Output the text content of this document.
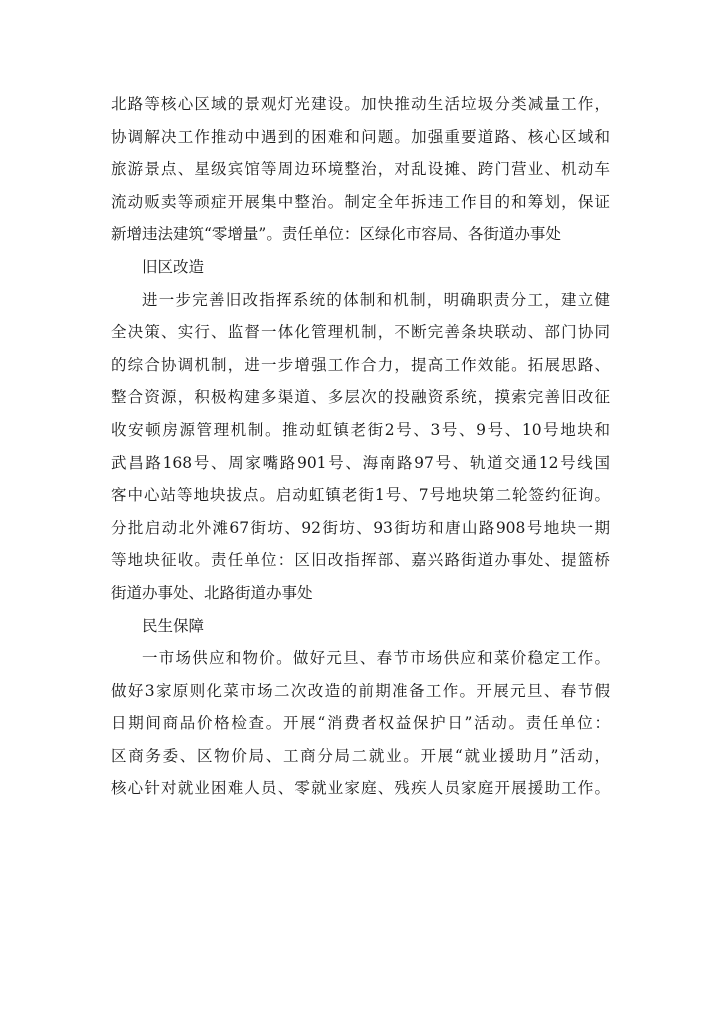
北路等核心区域的景观灯光建设。加快推动生活垃圾分类减量工作，
协调解决工作推动中遇到的困难和问题。加强重要道路、核心区域和
旅游景点、星级宾馆等周边环境整治，对乱设摊、跨门营业、机动车
流动贩卖等顽症开展集中整治。制定全年拆违工作目的和筹划，保证
新增违法建筑“零增量”。责任单位：区绿化市容局、各街道办事处
旧区改造
进一步完善旧改指挥系统的体制和机制，明确职责分工，建立健
全决策、实行、监督一体化管理机制，不断完善条块联动、部门协同
的综合协调机制，进一步增强工作合力，提高工作效能。拓展思路、
整合资源，积极构建多渠道、多层次的投融资系统，摸索完善旧改征
收安顿房源管理机制。推动虹镇老街2号、3号、9号、10号地块和
武昌路168号、周家嘴路901号、海南路97号、轨道交通12号线国
客中心站等地块拔点。启动虹镇老街1号、7号地块第二轮签约征询。
分批启动北外滩67街坊、92街坊、93街坊和唐山路908号地块一期
等地块征收。责任单位：区旧改指挥部、嘉兴路街道办事处、提篮桥
街道办事处、北路街道办事处
民生保障
一市场供应和物价。做好元旦、春节市场供应和菜价稳定工作。
做好3家原则化菜市场二次改造的前期准备工作。开展元旦、春节假
日期间商品价格检查。开展“消费者权益保护日”活动。责任单位：
区商务委、区物价局、工商分局二就业。开展“就业援助月”活动，
核心针对就业困难人员、零就业家庭、残疾人员家庭开展援助工作。
